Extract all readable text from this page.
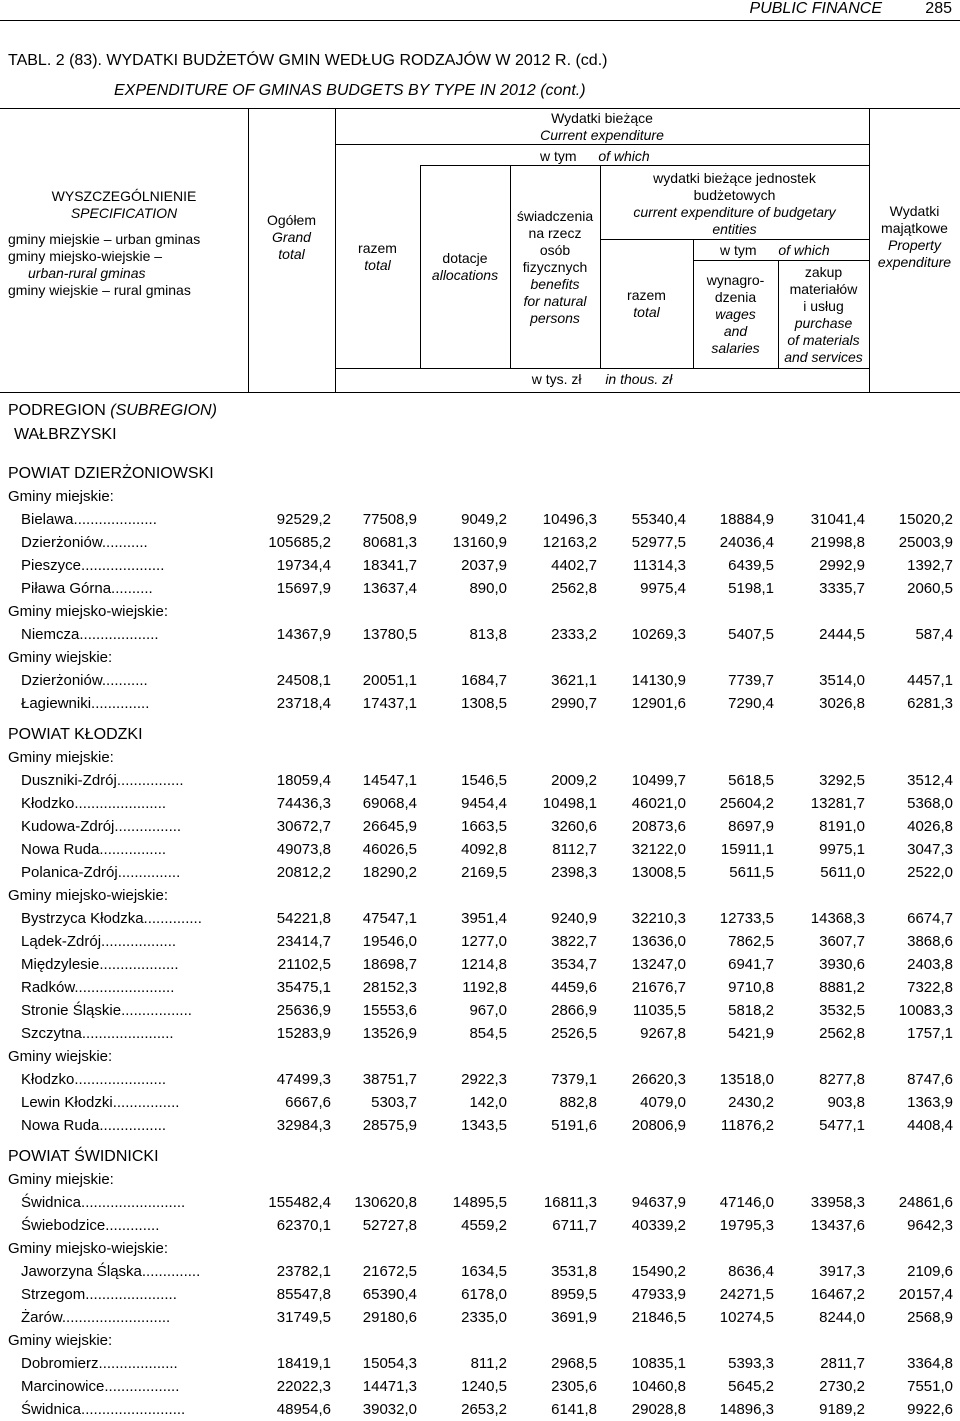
PUBLIC FINANCE	285
TABL. 2 (83). WYDATKI BUDŻETÓW GMIN WEDŁUG RODZAJÓW W 2012 R. (cd.)
EXPENDITURE OF GMINAS BUDGETS BY TYPE IN 2012 (cont.)
WYSZCZEGÓLNIENIE
SPECIFICATION
gminy miejskie – urban gminas
gminy miejsko-wiejskie –
urban-rural gminas
gminy wiejskie – rural gminas
Ogółem
Grand
total
Wydatki bieżące
Current expenditure
razem
total
w tym of which
dotacje
allocations
świadczenia
na rzecz
osób
fizycznych
benefits
for natural
persons
wydatki bieżące jednostek
budżetowych
current expenditure of budgetary
entities
razem
total
w tym of which
wynagro-
dzenia
wages
and
salaries
zakup
materiałów
i usług
purchase
of materials
and services
Wydatki
majątkowe
Property
expenditure
w tys. zł in thous. zł
PODREGION (SUBREGION)
WAŁBRZYSKI
POWIAT DZIERŻONIOWSKI
Gminy miejskie:
Bielawa....................	92529,2	77508,9	9049,2	10496,3	55340,4	18884,9	31041,4	15020,2
Dzierżoniów...........	105685,2	80681,3	13160,9	12163,2	52977,5	24036,4	21998,8	25003,9
Pieszyce....................	19734,4	18341,7	2037,9	4402,7	11314,3	6439,5	2992,9	1392,7
Piława Górna..........	15697,9	13637,4	890,0	2562,8	9975,4	5198,1	3335,7	2060,5
Gminy miejsko-wiejskie:
Niemcza...................	14367,9	13780,5	813,8	2333,2	10269,3	5407,5	2444,5	587,4
Gminy wiejskie:
Dzierżoniów...........	24508,1	20051,1	1684,7	3621,1	14130,9	7739,7	3514,0	4457,1
Łagiewniki..............	23718,4	17437,1	1308,5	2990,7	12901,6	7290,4	3026,8	6281,3
POWIAT KŁODZKI
Gminy miejskie:
Duszniki-Zdrój................	18059,4	14547,1	1546,5	2009,2	10499,7	5618,5	3292,5	3512,4
Kłodzko......................	74436,3	69068,4	9454,4	10498,1	46021,0	25604,2	13281,7	5368,0
Kudowa-Zdrój................	30672,7	26645,9	1663,5	3260,6	20873,6	8697,9	8191,0	4026,8
Nowa Ruda................	49073,8	46026,5	4092,8	8112,7	32122,0	15911,1	9975,1	3047,3
Polanica-Zdrój...............	20812,2	18290,2	2169,5	2398,3	13008,5	5611,5	5611,0	2522,0
Gminy miejsko-wiejskie:
Bystrzyca Kłodzka..............	54221,8	47547,1	3951,4	9240,9	32210,3	12733,5	14368,3	6674,7
Lądek-Zdrój..................	23414,7	19546,0	1277,0	3822,7	13636,0	7862,5	3607,7	3868,6
Międzylesie...................	21102,5	18698,7	1214,8	3534,7	13247,0	6941,7	3930,6	2403,8
Radków........................	35475,1	28152,3	1192,8	4459,6	21676,7	9710,8	8881,2	7322,8
Stronie Śląskie.................	25636,9	15553,6	967,0	2866,9	11035,5	5818,2	3532,5	10083,3
Szczytna......................	15283,9	13526,9	854,5	2526,5	9267,8	5421,9	2562,8	1757,1
Gminy wiejskie:
Kłodzko......................	47499,3	38751,7	2922,3	7379,1	26620,3	13518,0	8277,8	8747,6
Lewin Kłodzki................	6667,6	5303,7	142,0	882,8	4079,0	2430,2	903,8	1363,9
Nowa Ruda................	32984,3	28575,9	1343,5	5191,6	20806,9	11876,2	5477,1	4408,4
POWIAT ŚWIDNICKI
Gminy miejskie:
Świdnica.........................	155482,4	130620,8	14895,5	16811,3	94637,9	47146,0	33958,3	24861,6
Świebodzice.............	62370,1	52727,8	4559,2	6711,7	40339,2	19795,3	13437,6	9642,3
Gminy miejsko-wiejskie:
Jaworzyna Śląska..............	23782,1	21672,5	1634,5	3531,8	15490,2	8636,4	3917,3	2109,6
Strzegom......................	85547,8	65390,4	6178,0	8959,5	47933,9	24271,5	16467,2	20157,4
Żarów..........................	31749,5	29180,6	2335,0	3691,9	21846,5	10274,5	8244,0	2568,9
Gminy wiejskie:
Dobromierz...................	18419,1	15054,3	811,2	2968,5	10835,1	5393,3	2811,7	3364,8
Marcinowice..................	22022,3	14471,3	1240,5	2305,6	10460,8	5645,2	2730,2	7551,0
Świdnica.........................	48954,6	39032,0	2653,2	6141,8	29028,8	14896,3	9189,2	9922,6
